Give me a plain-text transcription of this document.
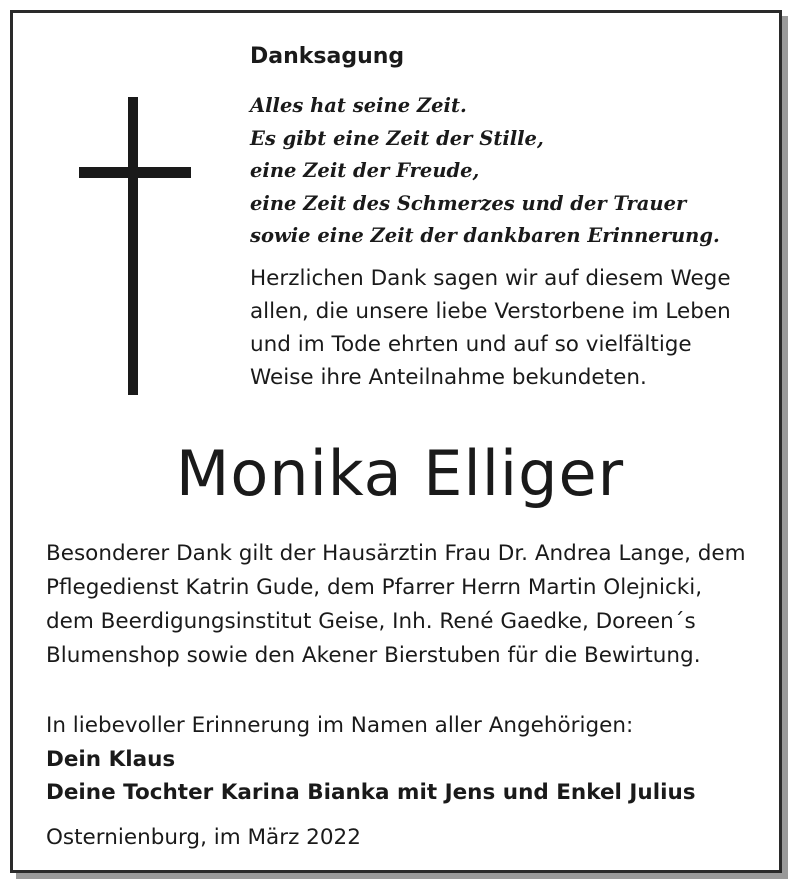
Danksagung
Alles hat seine Zeit.
Es gibt eine Zeit der Stille,
eine Zeit der Freude,
eine Zeit des Schmerzes und der Trauer
sowie eine Zeit der dankbaren Erinnerung.

Herzlichen Dank sagen wir auf diesem Wege allen, die unsere liebe Verstorbene im Leben und im Tode ehrten und auf so vielfältige Weise ihre Anteilnahme bekundeten.

Monika Elliger

Besonderer Dank gilt der Hausärztin Frau Dr. Andrea Lange, dem Pflegedienst Katrin Gude, dem Pfarrer Herrn Martin Olejnicki, dem Beerdigungsinstitut Geise, Inh. René Gaedke, Doreen´s Blumenshop sowie den Akener Bierstuben für die Bewirtung.

In liebevoller Erinnerung im Namen aller Angehörigen:

Dein Klaus
Deine Tochter Karina Bianka mit Jens und Enkel Julius
Osternienburg, im März 2022
